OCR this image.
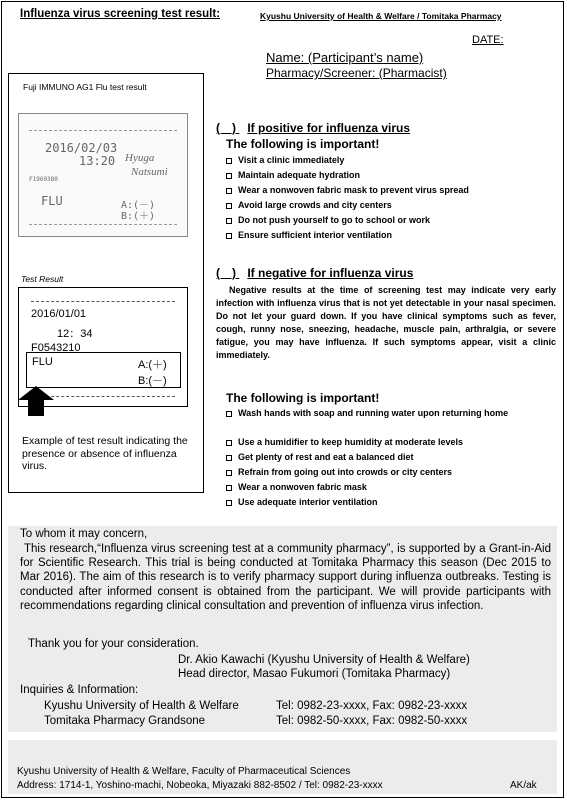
Influenza virus screening test result:	Kyushu University of Health & Welfare / Tomitaka Pharmacy
DATE:
Name: (Participant’s name)
Pharmacy/Screener: (Pharmacist)
Fuji IMMUNO AG1 Flu test result
2016/02/03
13:20 Hyuga
Natsumi
F1960380
FLU	A:(－)
B:(＋)
Test Result
2016/01/01
12：34
F0543210
FLU	A:(＋)
B:(－)
Example of test result indicating the presence or absence of influenza virus.
(　) If positive for influenza virus
The following is important!
Visit a clinic immediately
Maintain adequate hydration
Wear a nonwoven fabric mask to prevent virus spread
Avoid large crowds and city centers
Do not push yourself to go to school or work
Ensure sufficient interior ventilation
(　) If negative for influenza virus
Negative results at the time of screening test may indicate very early infection with influenza virus that is not yet detectable in your nasal specimen. Do not let your guard down. If you have clinical symptoms such as fever, cough, runny nose, sneezing, headache, muscle pain, arthralgia, or severe fatigue, you may have influenza. If such symptoms appear, visit a clinic immediately.
The following is important!
Wash hands with soap and running water upon returning home
Use a humidifier to keep humidity at moderate levels
Get plenty of rest and eat a balanced diet
Refrain from going out into crowds or city centers
Wear a nonwoven fabric mask
Use adequate interior ventilation
To whom it may concern,
This research,“Influenza virus screening test at a community pharmacy”, is supported by a Grant-in-Aid for Scientific Research. This trial is being conducted at Tomitaka Pharmacy this season (Dec 2015 to Mar 2016). The aim of this research is to verify pharmacy support during influenza outbreaks. Testing is conducted after informed consent is obtained from the participant. We will provide participants with recommendations regarding clinical consultation and prevention of influenza virus infection.
Thank you for your consideration.
Dr. Akio Kawachi (Kyushu University of Health & Welfare)
Head director, Masao Fukumori (Tomitaka Pharmacy)
Inquiries & Information:
Kyushu University of Health & Welfare	Tel: 0982-23-xxxx, Fax: 0982-23-xxxx
Tomitaka Pharmacy Grandsone	Tel: 0982-50-xxxx, Fax: 0982-50-xxxx
Kyushu University of Health & Welfare, Faculty of Pharmaceutical Sciences
Address: 1714-1, Yoshino-machi, Nobeoka, Miyazaki 882-8502 / Tel: 0982-23-xxxx	AK/ak
